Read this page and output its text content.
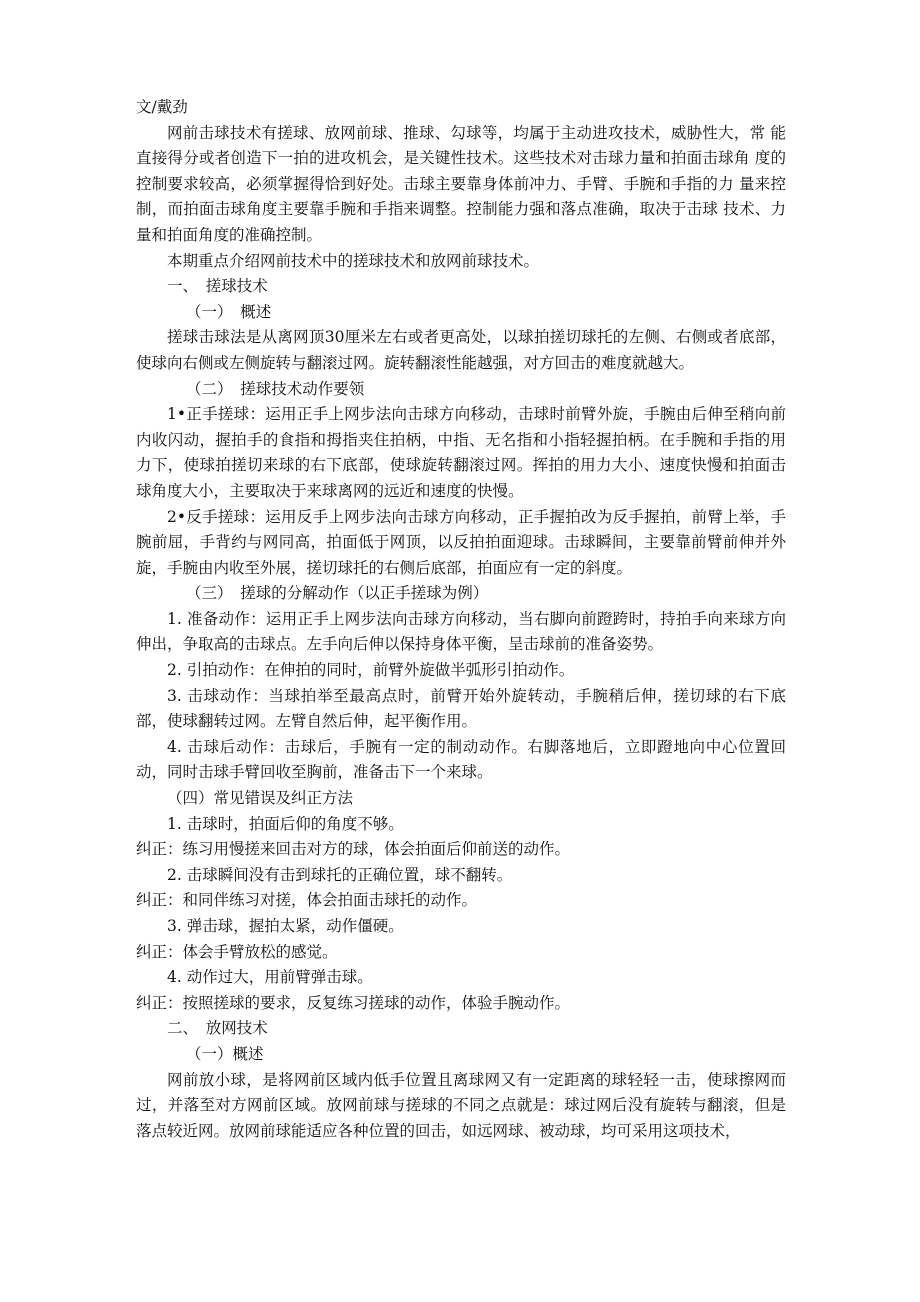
文/戴劲

网前击球技术有搓球、放网前球、推球、勾球等，均属于主动进攻技术，威胁性大，常 能直接得分或者创造下一拍的进攻机会，是关键性技术。这些技术对击球力量和拍面击球角 度的控制要求较高，必须掌握得恰到好处。击球主要靠身体前冲力、手臂、手腕和手指的力 量来控制，而拍面击球角度主要靠手腕和手指来调整。控制能力强和落点准确，取决于击球 技术、力量和拍面角度的准确控制。

本期重点介绍网前技术中的搓球技术和放网前球技术。

一、　搓球技术
（一）　概述

搓球击球法是从离网顶30厘米左右或者更高处，以球拍搓切球托的左侧、右侧或者底部，使球向右侧或左侧旋转与翻滚过网。旋转翻滚性能越强，对方回击的难度就越大。

（二）　搓球技术动作要领

1•正手搓球：运用正手上网步法向击球方向移动，击球时前臂外旋，手腕由后伸至稍向前内收闪动，握拍手的食指和拇指夹住拍柄，中指、无名指和小指轻握拍柄。在手腕和手指的用力下，使球拍搓切来球的右下底部，使球旋转翻滚过网。挥拍的用力大小、速度快慢和拍面击球角度大小，主要取决于来球离网的远近和速度的快慢。

2•反手搓球：运用反手上网步法向击球方向移动，正手握拍改为反手握拍，前臂上举，手腕前屈，手背约与网同高，拍面低于网顶，以反拍拍面迎球。击球瞬间，主要靠前臂前伸并外旋，手腕由内收至外展，搓切球托的右侧后底部，拍面应有一定的斜度。

（三）　搓球的分解动作（以正手搓球为例）

1. 准备动作：运用正手上网步法向击球方向移动，当右脚向前蹬跨时，持拍手向来球方向伸出，争取高的击球点。左手向后伸以保持身体平衡，呈击球前的准备姿势。

2. 引拍动作：在伸拍的同时，前臂外旋做半弧形引拍动作。

3. 击球动作：当球拍举至最高点时，前臂开始外旋转动，手腕稍后伸，搓切球的右下底部，使球翻转过网。左臂自然后伸，起平衡作用。

4. 击球后动作：击球后，手腕有一定的制动动作。右脚落地后，立即蹬地向中心位置回动，同时击球手臂回收至胸前，准备击下一个来球。

（四）常见错误及纠正方法
1. 击球时，拍面后仰的角度不够。
纠正：练习用慢搓来回击对方的球，体会拍面后仰前送的动作。
2. 击球瞬间没有击到球托的正确位置，球不翻转。
纠正：和同伴练习对搓，体会拍面击球托的动作。
3. 弹击球，握拍太紧，动作僵硬。
纠正：体会手臂放松的感觉。
4. 动作过大，用前臂弹击球。
纠正：按照搓球的要求，反复练习搓球的动作，体验手腕动作。
二、　放网技术
（一）概述

网前放小球，是将网前区域内低手位置且离球网又有一定距离的球轻轻一击，使球擦网而过，并落至对方网前区域。放网前球与搓球的不同之点就是：球过网后没有旋转与翻滚，但是落点较近网。放网前球能适应各种位置的回击，如远网球、被动球，均可采用这项技术，
